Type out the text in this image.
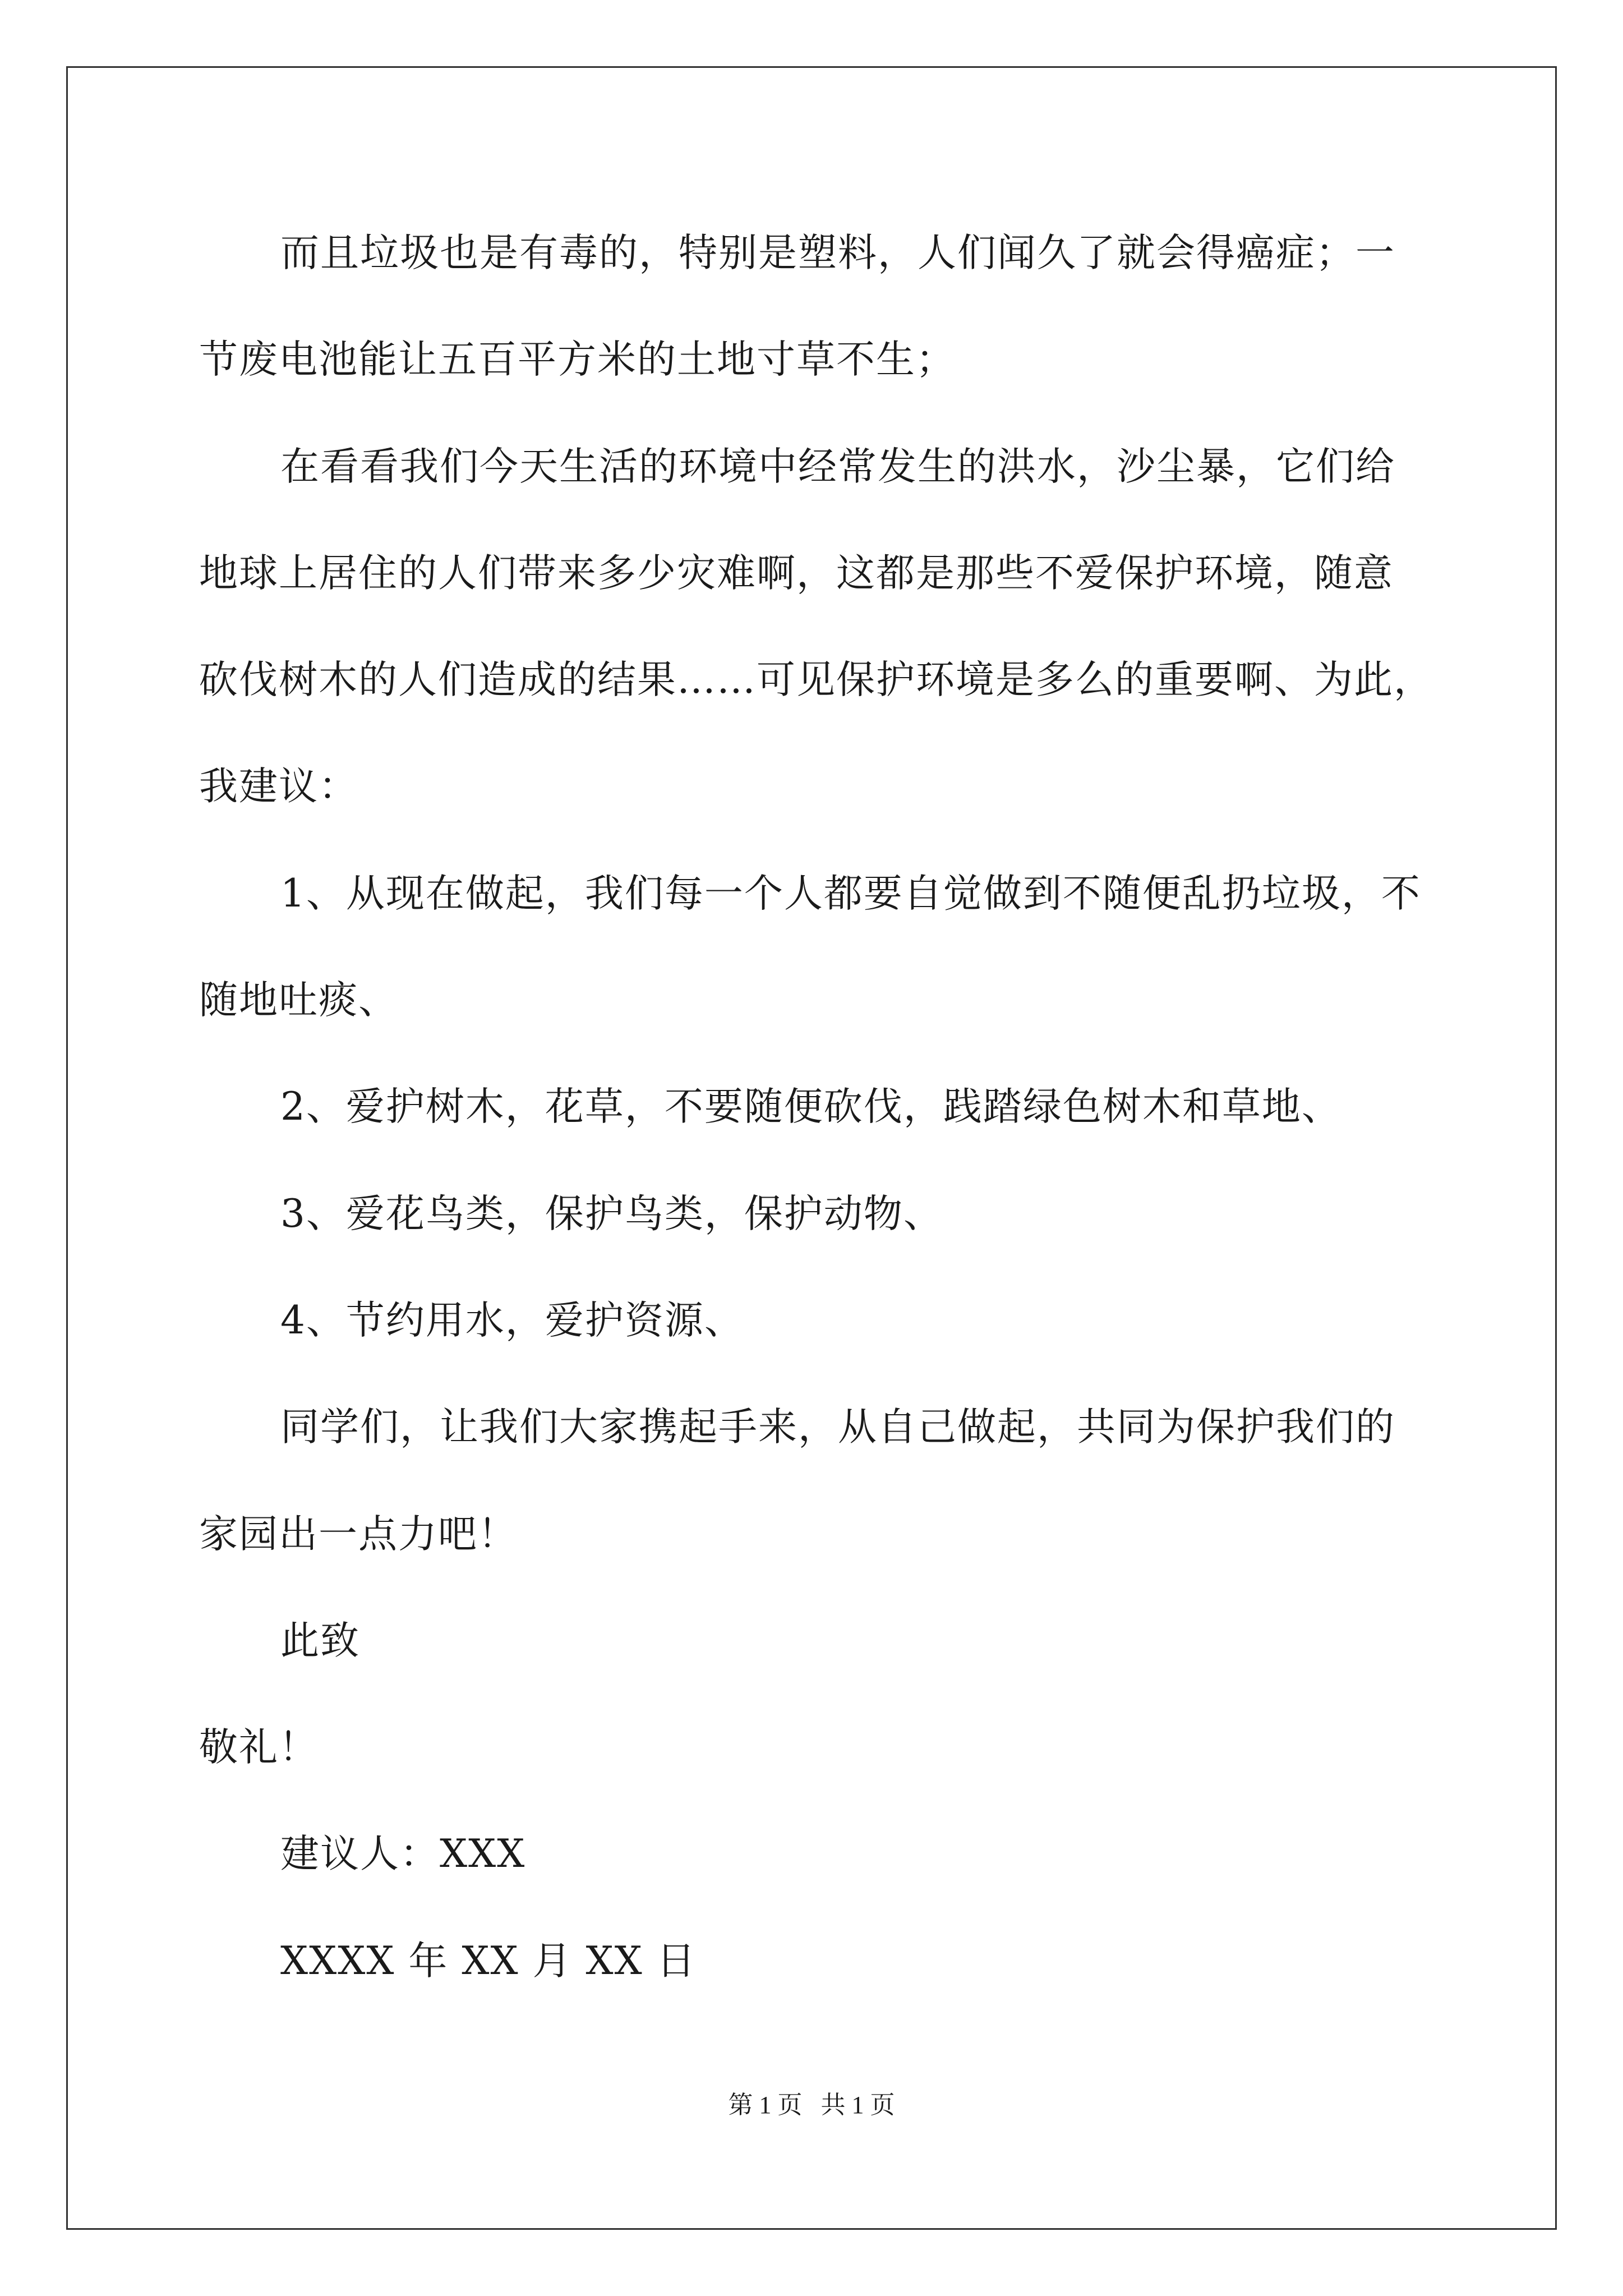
而且垃圾也是有毒的，特别是塑料，人们闻久了就会得癌症；一
节废电池能让五百平方米的土地寸草不生；
在看看我们今天生活的环境中经常发生的洪水，沙尘暴，它们给
地球上居住的人们带来多少灾难啊，这都是那些不爱保护环境，随意
砍伐树木的人们造成的结果……可见保护环境是多么的重要啊、为此，
我建议：
1、从现在做起，我们每一个人都要自觉做到不随便乱扔垃圾，不
随地吐痰、
2、爱护树木，花草，不要随便砍伐，践踏绿色树木和草地、
3、爱花鸟类，保护鸟类，保护动物、
4、节约用水，爱护资源、
同学们，让我们大家携起手来，从自己做起，共同为保护我们的
家园出一点力吧！
此致
敬礼！
建议人：XXX
XXXX 年 XX 月 XX 日
第 1 页   共 1 页
